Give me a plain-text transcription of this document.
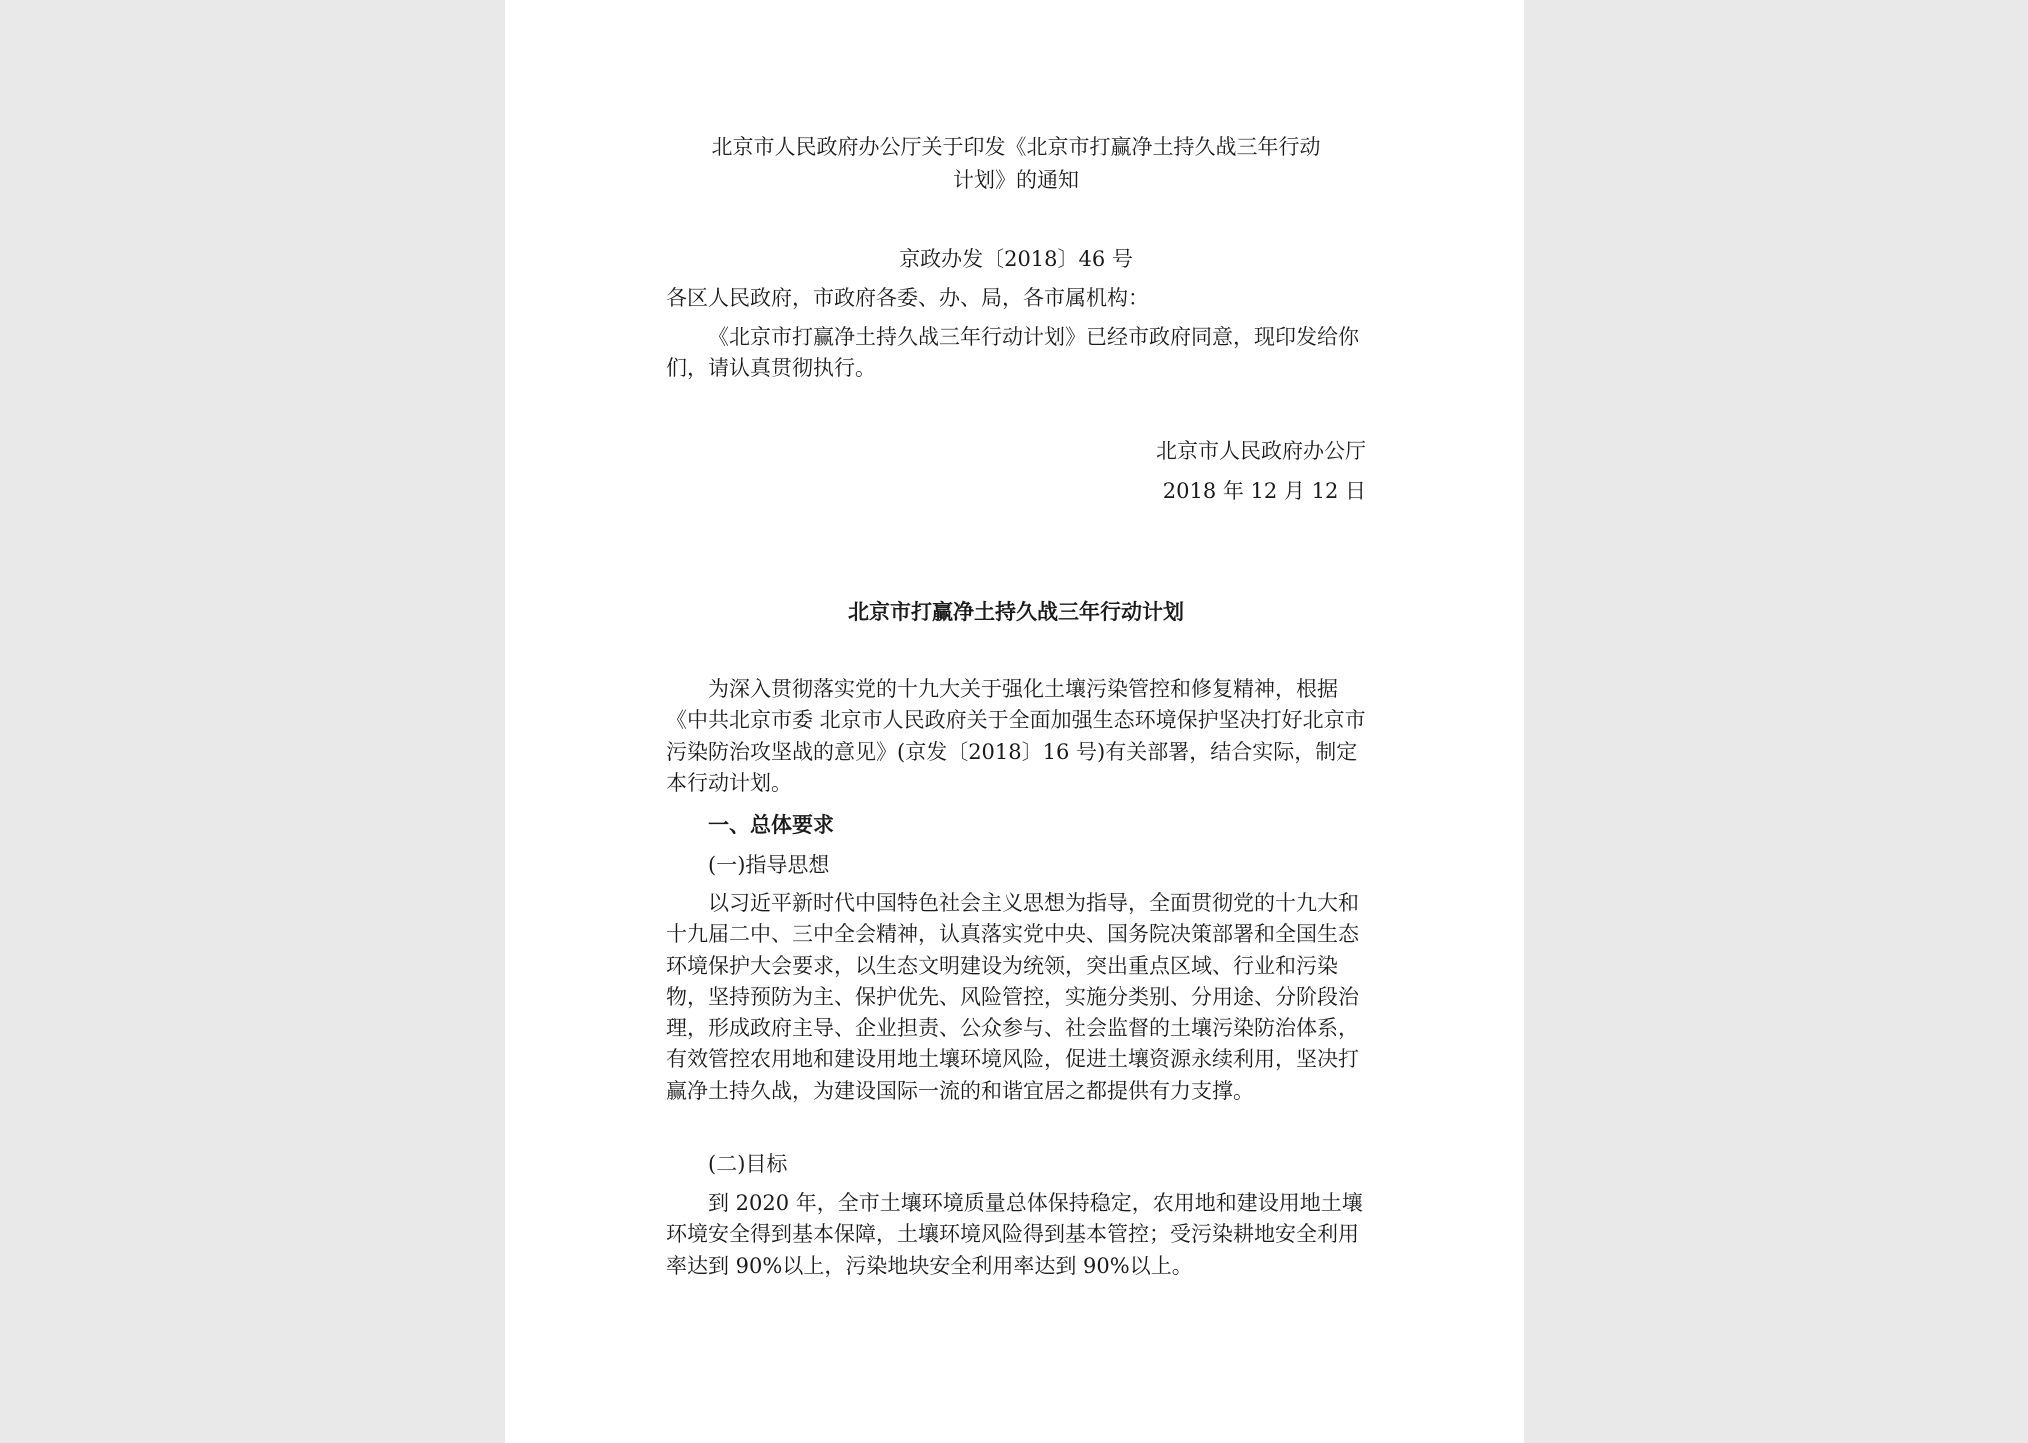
北京市人民政府办公厅关于印发《北京市打赢净土持久战三年行动
计划》的通知
京政办发〔2018〕46 号
各区人民政府，市政府各委、办、局，各市属机构：
《北京市打赢净土持久战三年行动计划》已经市政府同意，现印发给你们，请认真贯彻执行。
北京市人民政府办公厅
2018 年 12 月 12 日
北京市打赢净土持久战三年行动计划
为深入贯彻落实党的十九大关于强化土壤污染管控和修复精神，根据《中共北京市委 北京市人民政府关于全面加强生态环境保护坚决打好北京市污染防治攻坚战的意见》(京发〔2018〕16 号)有关部署，结合实际，制定本行动计划。
一、总体要求
(一)指导思想
以习近平新时代中国特色社会主义思想为指导，全面贯彻党的十九大和十九届二中、三中全会精神，认真落实党中央、国务院决策部署和全国生态环境保护大会要求，以生态文明建设为统领，突出重点区域、行业和污染物，坚持预防为主、保护优先、风险管控，实施分类别、分用途、分阶段治理，形成政府主导、企业担责、公众参与、社会监督的土壤污染防治体系，有效管控农用地和建设用地土壤环境风险，促进土壤资源永续利用，坚决打赢净土持久战，为建设国际一流的和谐宜居之都提供有力支撑。
(二)目标
到 2020 年，全市土壤环境质量总体保持稳定，农用地和建设用地土壤环境安全得到基本保障，土壤环境风险得到基本管控；受污染耕地安全利用率达到 90%以上，污染地块安全利用率达到 90%以上。
